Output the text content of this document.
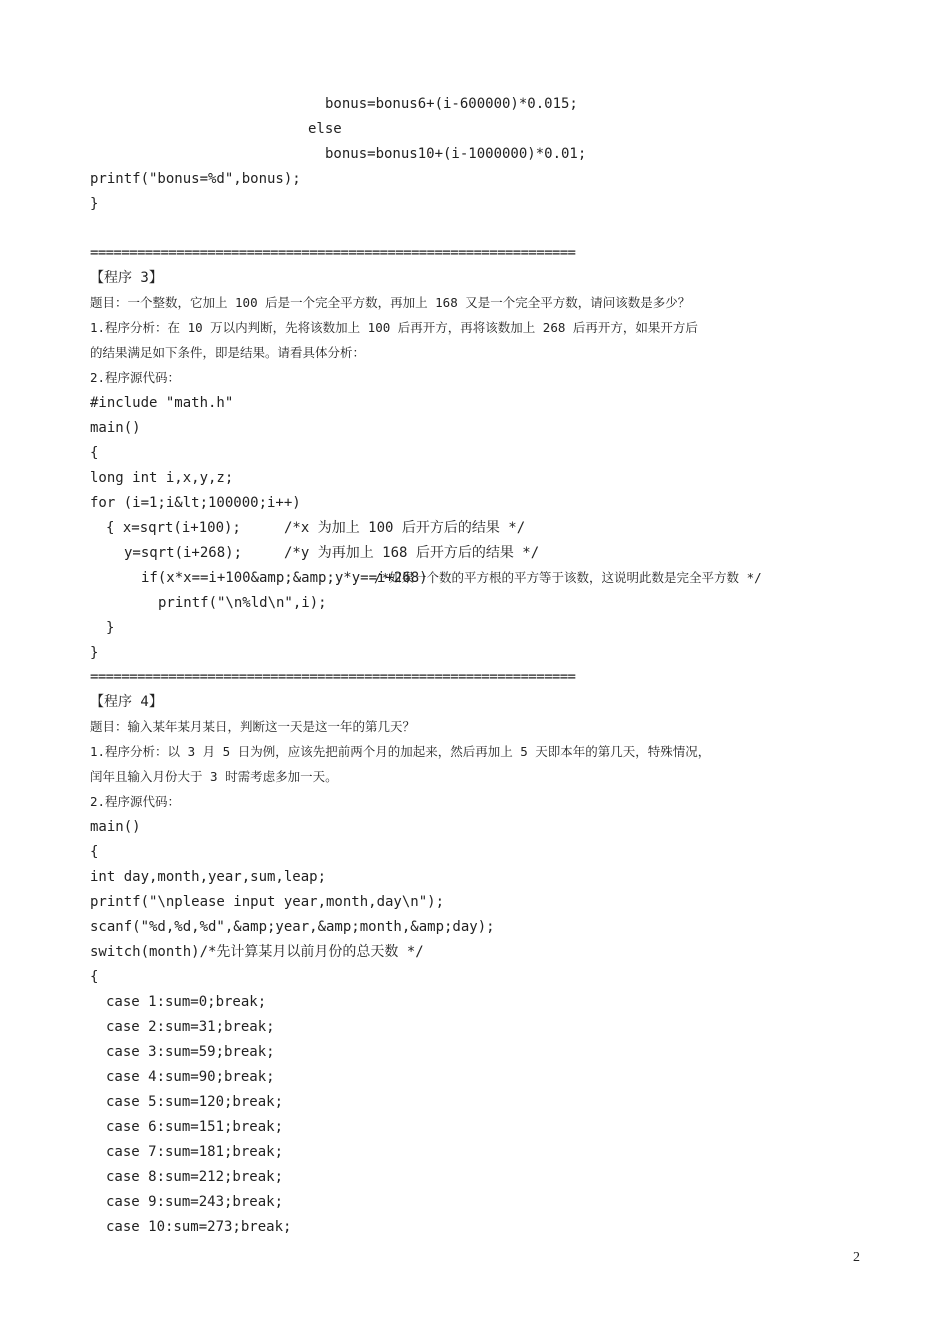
bonus=bonus6+(i-600000)*0.015;
else
bonus=bonus10+(i-1000000)*0.01;
printf("bonus=%d",bonus);
}
==============================================================
【程序 3】
题目：一个整数，它加上 100 后是一个完全平方数，再加上 168 又是一个完全平方数，请问该数是多少？
1.程序分析：在 10 万以内判断，先将该数加上 100 后再开方，再将该数加上 268 后再开方，如果开方后
的结果满足如下条件，即是结果。请看具体分析：
2.程序源代码：
#include "math.h"
main()
{
long int i,x,y,z;
for (i=1;i&lt;100000;i++)
{ x=sqrt(i+100);	/*x 为加上 100 后开方后的结果 */
y=sqrt(i+268);	/*y 为再加上 168 后开方后的结果 */
if(x*x==i+100&amp;&amp;y*y==i+268)
/*如果一个数的平方根的平方等于该数，这说明此数是完全平方数 */
printf("\n%ld\n",i);
}
}
==============================================================
【程序 4】
题目：输入某年某月某日，判断这一天是这一年的第几天？
1.程序分析：以 3 月 5 日为例，应该先把前两个月的加起来，然后再加上 5 天即本年的第几天，特殊情况，
闰年且输入月份大于 3 时需考虑多加一天。
2.程序源代码：
main()
{
int day,month,year,sum,leap;
printf("\nplease input year,month,day\n");
scanf("%d,%d,%d",&amp;year,&amp;month,&amp;day);
switch(month)/*先计算某月以前月份的总天数 */
{
case 1:sum=0;break;
case 2:sum=31;break;
case 3:sum=59;break;
case 4:sum=90;break;
case 5:sum=120;break;
case 6:sum=151;break;
case 7:sum=181;break;
case 8:sum=212;break;
case 9:sum=243;break;
case 10:sum=273;break;
2
